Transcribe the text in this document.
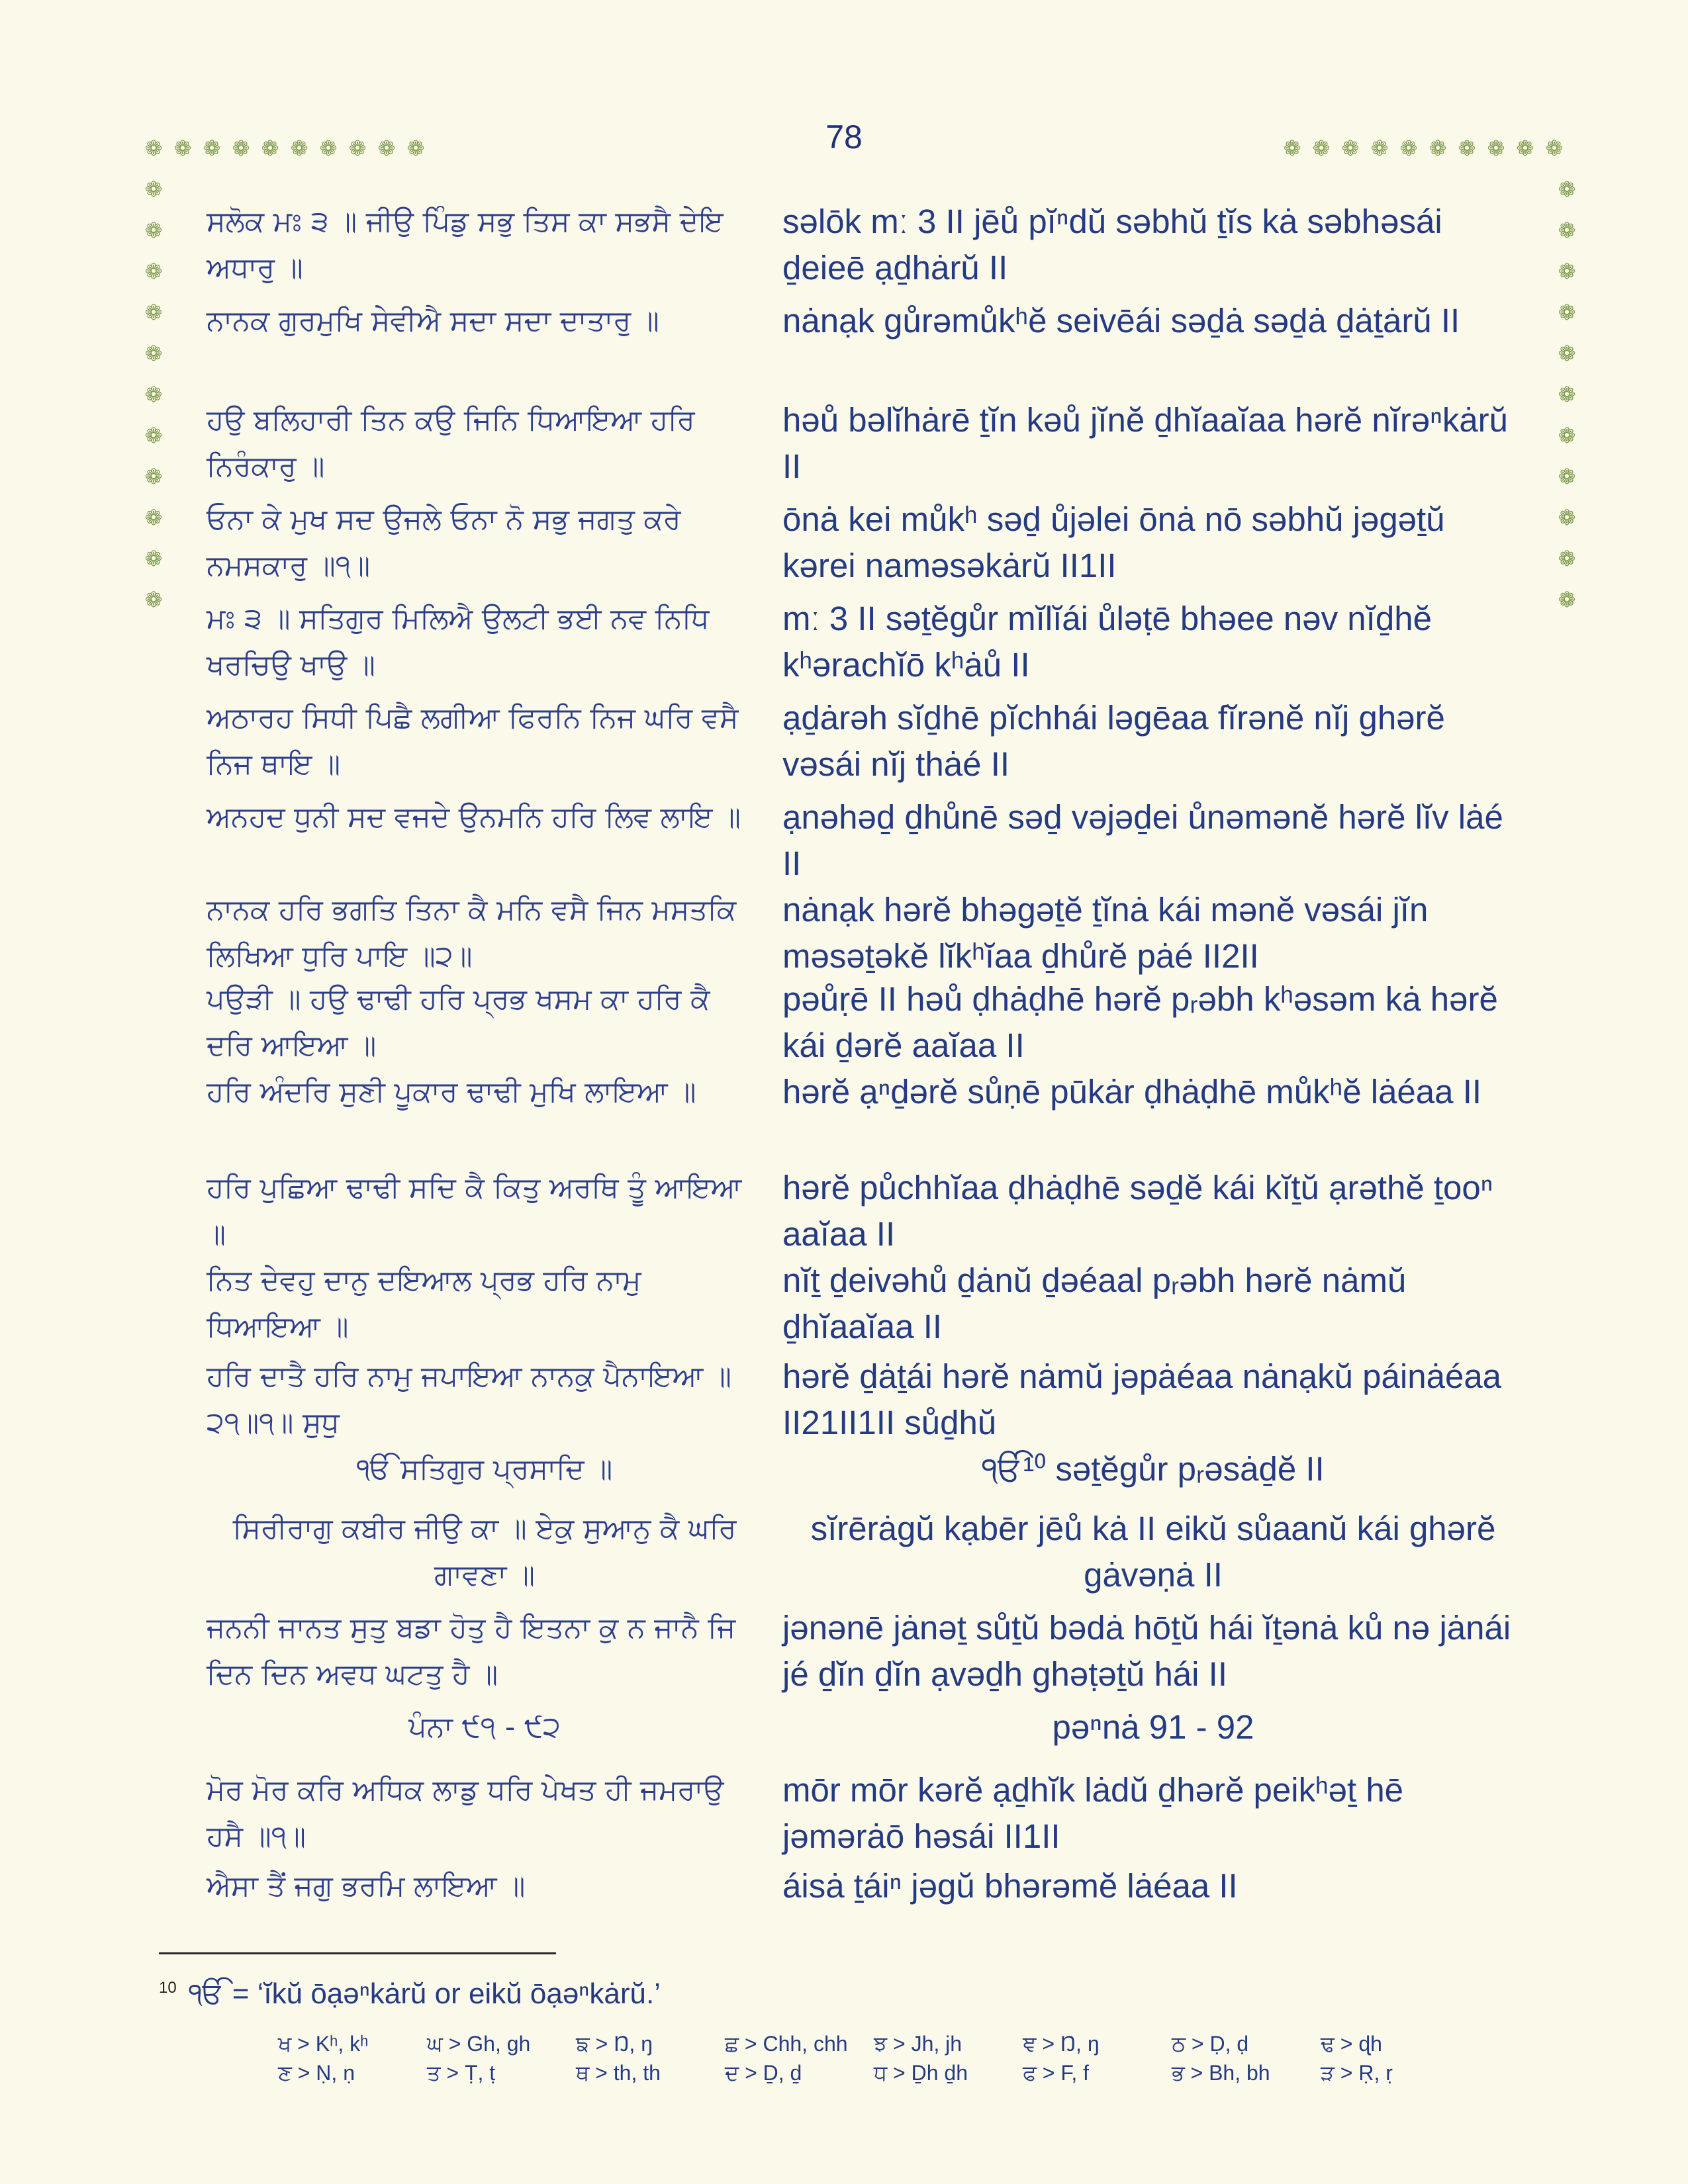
78
❁ ❁ ❁ ❁ ❁ ❁ ❁ ❁ ❁ ❁	❁ ❁ ❁ ❁ ❁ ❁ ❁ ❁ ❁ ❁
❁
❁
❁
❁
❁
❁
❁
❁
❁
❁
❁
❁
❁
❁
❁
❁
❁
❁
❁
❁
❁
❁
ਸਲੋਕ ਮਃ ੩ ॥ ਜੀਉ ਪਿੰਡੁ ਸਭੁ ਤਿਸ ਕਾ ਸਭਸੈ ਦੇਇ ਅਧਾਰੁ ॥
səlōk mː 3 II jēů pĭⁿdŭ səbhŭ ṯĭs kȧ səbhəsái ḏeieē ạḏhȧrŭ II
ਨਾਨਕ ਗੁਰਮੁਖਿ ਸੇਵੀਐ ਸਦਾ ਸਦਾ ਦਾਤਾਰੁ ॥	nȧnạk gůrəmůkʰĕ seivēái səḏȧ səḏȧ ḏȧṯȧrŭ II
ਹਉ ਬਲਿਹਾਰੀ ਤਿਨ ਕਉ ਜਿਨਿ ਧਿਆਇਆ ਹਰਿ ਨਿਰੰਕਾਰੁ ॥
həů bəlĭhȧrē ṯĭn kəů jĭnĕ ḏhĭaaĭaa hərĕ nĭrəⁿkȧrŭ II
ਓਨਾ ਕੇ ਮੁਖ ਸਦ ਉਜਲੇ ਓਨਾ ਨੋ ਸਭੁ ਜਗਤੁ ਕਰੇ ਨਮਸਕਾਰੁ ॥੧॥
ōnȧ kei můkʰ səḏ ůjəlei ōnȧ nō səbhŭ jəgəṯŭ kərei naməsəkȧrŭ II1II
ਮਃ ੩ ॥ ਸਤਿਗੁਰ ਮਿਲਿਐ ਉਲਟੀ ਭਈ ਨਵ ਨਿਧਿ ਖਰਚਿਉ ਖਾਉ ॥
mː 3 II səṯĕgůr mĭlĭái ůləṭē bhəee nəv nĭḏhĕ kʰərachĭō kʰȧů II
ਅਠਾਰਹ ਸਿਧੀ ਪਿਛੈ ਲਗੀਆ ਫਿਰਨਿ ਨਿਜ ਘਰਿ ਵਸੈ ਨਿਜ ਥਾਇ ॥
ạḏȧrəh sĭḏhē pĭchhái ləgēaa fĭrənĕ nĭj ghərĕ vəsái nĭj thȧé II
ਅਨਹਦ ਧੁਨੀ ਸਦ ਵਜਦੇ ਉਨਮਨਿ ਹਰਿ ਲਿਵ ਲਾਇ ॥	ạnəhəḏ ḏhůnē səḏ vəjəḏei ůnəmənĕ hərĕ lĭv lȧé II
ਨਾਨਕ ਹਰਿ ਭਗਤਿ ਤਿਨਾ ਕੈ ਮਨਿ ਵਸੈ ਜਿਨ ਮਸਤਕਿ ਲਿਖਿਆ ਧੁਰਿ ਪਾਇ ॥੨॥
nȧnạk hərĕ bhəgəṯĕ ṯĭnȧ kái mənĕ vəsái jĭn məsəṯəkĕ lĭkʰĭaa ḏhůrĕ pȧé II2II
ਪਉੜੀ ॥ ਹਉ ਢਾਢੀ ਹਰਿ ਪ੍ਰਭ ਖਸਮ ਕਾ ਹਰਿ ਕੈ ਦਰਿ ਆਇਆ ॥
pəůṛē II həů ḍhȧḍhē hərĕ pᵣəbh kʰəsəm kȧ hərĕ kái ḏərĕ aaĭaa II
ਹਰਿ ਅੰਦਰਿ ਸੁਣੀ ਪੂਕਾਰ ਢਾਢੀ ਮੁਖਿ ਲਾਇਆ ॥	hərĕ ạⁿḏərĕ sůṇē pūkȧr ḍhȧḍhē můkʰĕ lȧéaa II
ਹਰਿ ਪੁਛਿਆ ਢਾਢੀ ਸਦਿ ਕੈ ਕਿਤੁ ਅਰਥਿ ਤੂੰ ਆਇਆ ॥
hərĕ půchhĭaa ḍhȧḍhē səḏĕ kái kĭṯŭ ạrəthĕ ṯooⁿ aaĭaa II
ਨਿਤ ਦੇਵਹੁ ਦਾਨੁ ਦਇਆਲ ਪ੍ਰਭ ਹਰਿ ਨਾਮੁ ਧਿਆਇਆ ॥
nĭṯ ḏeivəhů ḏȧnŭ ḏəéaal pᵣəbh hərĕ nȧmŭ ḏhĭaaĭaa II
ਹਰਿ ਦਾਤੈ ਹਰਿ ਨਾਮੁ ਜਪਾਇਆ ਨਾਨਕੁ ਪੈਨਾਇਆ ॥੨੧॥੧॥ ਸੁਧੁ
hərĕ ḏȧṯái hərĕ nȧmŭ jəpȧéaa nȧnạkŭ páinȧéaa II21II1II sůḏhŭ
ੴ ਸਤਿਗੁਰ ਪ੍ਰਸਾਦਿ ॥	ੴ¹⁰ səṯĕgůr pᵣəsȧḏĕ II
ਸਿਰੀਰਾਗੁ ਕਬੀਰ ਜੀਉ ਕਾ ॥ ਏਕੁ ਸੁਆਨੁ ਕੈ ਘਰਿ ਗਾਵਣਾ ॥
sĭrērȧgŭ kạbēr jēů kȧ II eikŭ sůaanŭ kái ghərĕ gȧvəṇȧ II
ਜਨਨੀ ਜਾਨਤ ਸੁਤੁ ਬਡਾ ਹੋਤੁ ਹੈ ਇਤਨਾ ਕੁ ਨ ਜਾਨੈ ਜਿ ਦਿਨ ਦਿਨ ਅਵਧ ਘਟਤੁ ਹੈ ॥
jənənē jȧnəṯ sůṯŭ bədȧ hōṯŭ hái ĭṯənȧ ků nə jȧnái jé ḏĭn ḏĭn ạvəḏh ghəṭəṯŭ hái II
ਪੰਨਾ ੯੧ - ੯੨	pəⁿnȧ 91 - 92
ਮੋਰ ਮੋਰ ਕਰਿ ਅਧਿਕ ਲਾਡੁ ਧਰਿ ਪੇਖਤ ਹੀ ਜਮਰਾਉ ਹਸੈ ॥੧॥
mōr mōr kərĕ ạḏhĭk lȧdŭ ḏhərĕ peikʰəṯ hē jəmərȧō həsái II1II
ਐਸਾ ਤੈਂ ਜਗੁ ਭਰਮਿ ਲਾਇਆ ॥	áisȧ ṯáiⁿ jəgŭ bhərəmĕ lȧéaa II
$^{10}$ ੴ = ‘ĭkŭ ōạəⁿkȧrŭ or eikŭ ōạəⁿkȧrŭ.’
ਖ > Kʰ, kʰ	ਘ > Gh, gh	ਙ > Ŋ, ŋ	ਛ > Chh, chh	ਝ > Jh, jh	ਞ > Ŋ, ŋ	ਠ > Ḍ, ḍ	ਢ > ɖh
ਣ > Ṇ, ṇ	ਤ > Ṭ, ṭ	ਥ > th, th	ਦ > Ḏ, ḏ	ਧ > Ḏh ḏh	ਫ > F, f	ਭ > Bh, bh	ੜ > Ṛ, ṛ
